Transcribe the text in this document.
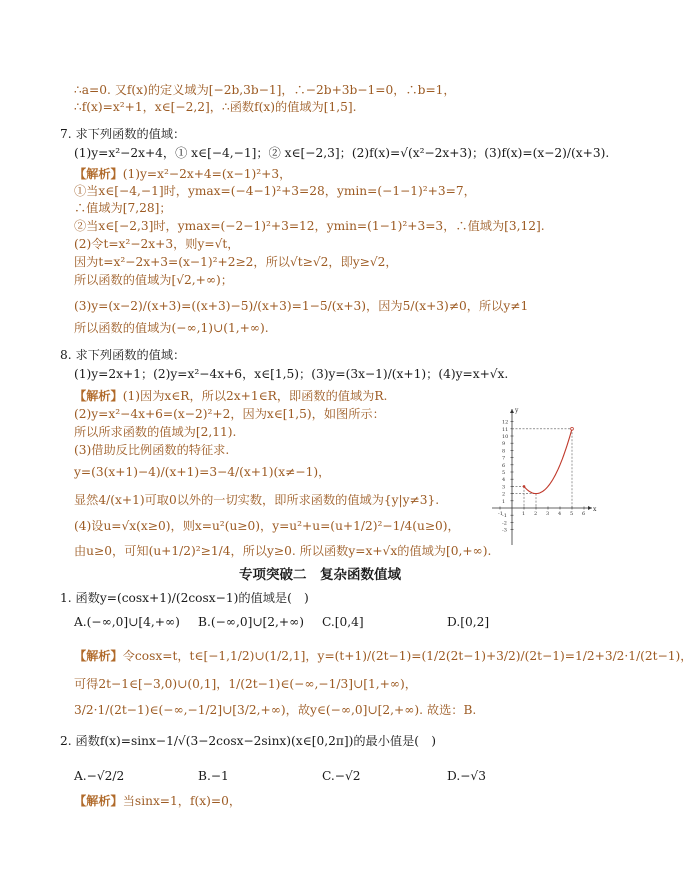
∴a=0. 又f(x)的定义域为[−2b,3b−1]，∴−2b+3b−1=0，∴b=1，
∴f(x)=x²+1，x∈[−2,2]，∴函数f(x)的值域为[1,5].
7. 求下列函数的值域：
(1)y=x²−2x+4，① x∈[−4,−1]；② x∈[−2,3]；(2)f(x)=√(x²−2x+3)；(3)f(x)=(x−2)/(x+3).
【解析】(1)y=x²−2x+4=(x−1)²+3，
①当x∈[−4,−1]时，ymax=(−4−1)²+3=28，ymin=(−1−1)²+3=7，
∴值域为[7,28]；
②当x∈[−2,3]时，ymax=(−2−1)²+3=12，ymin=(1−1)²+3=3，∴值域为[3,12].
(2)令t=x²−2x+3，则y=√t，
因为t=x²−2x+3=(x−1)²+2≥2，所以√t≥√2，即y≥√2，
所以函数的值域为[√2,+∞)；
(3)y=(x−2)/(x+3)=((x+3)−5)/(x+3)=1−5/(x+3)，因为5/(x+3)≠0，所以y≠1
所以函数的值域为(−∞,1)∪(1,+∞).
8. 求下列函数的值域：
(1)y=2x+1；(2)y=x²−4x+6，x∈[1,5)；(3)y=(3x−1)/(x+1)；(4)y=x+√x.
【解析】(1)因为x∈R，所以2x+1∈R，即函数的值域为R.
(2)y=x²−4x+6=(x−2)²+2，因为x∈[1,5)，如图所示：
所以所求函数的值域为[2,11).
(3)借助反比例函数的特征求.
y=(3(x+1)−4)/(x+1)=3−4/(x+1)(x≠−1)，
显然4/(x+1)可取0以外的一切实数，即所求函数的值域为{y|y≠3}.
(4)设u=√x(x≥0)，则x=u²(u≥0)，y=u²+u=(u+1/2)²−1/4(u≥0)，
由u≥0，可知(u+1/2)²≥1/4，所以y≥0. 所以函数y=x+√x的值域为[0,+∞).
1. 函数y=(cosx+1)/(2cosx−1)的值域是(　)
A.(−∞,0]∪[4,+∞) B.(−∞,0]∪[2,+∞) C.[0,4]	D.[0,2]
【解析】令cosx=t，t∈[−1,1/2)∪(1/2,1]，y=(t+1)/(2t−1)=(1/2(2t−1)+3/2)/(2t−1)=1/2+3/2·1/(2t−1)，
可得2t−1∈[−3,0)∪(0,1]，1/(2t−1)∈(−∞,−1/3]∪[1,+∞)，
3/2·1/(2t−1)∈(−∞,−1/2]∪[3/2,+∞)，故y∈(−∞,0]∪[2,+∞). 故选：B.
2. 函数f(x)=sinx−1/√(3−2cosx−2sinx)(x∈[0,2π])的最小值是(　)
A.−√2/2	B.−1	C.−√2	D.−√3
【解析】当sinx=1，f(x)=0，
专项突破二　复杂函数值域
x
y
-1	1 2 3 4 5 6
12
11
10
9
8
7
6
5
4
3
2
1
-1
-2
-3
